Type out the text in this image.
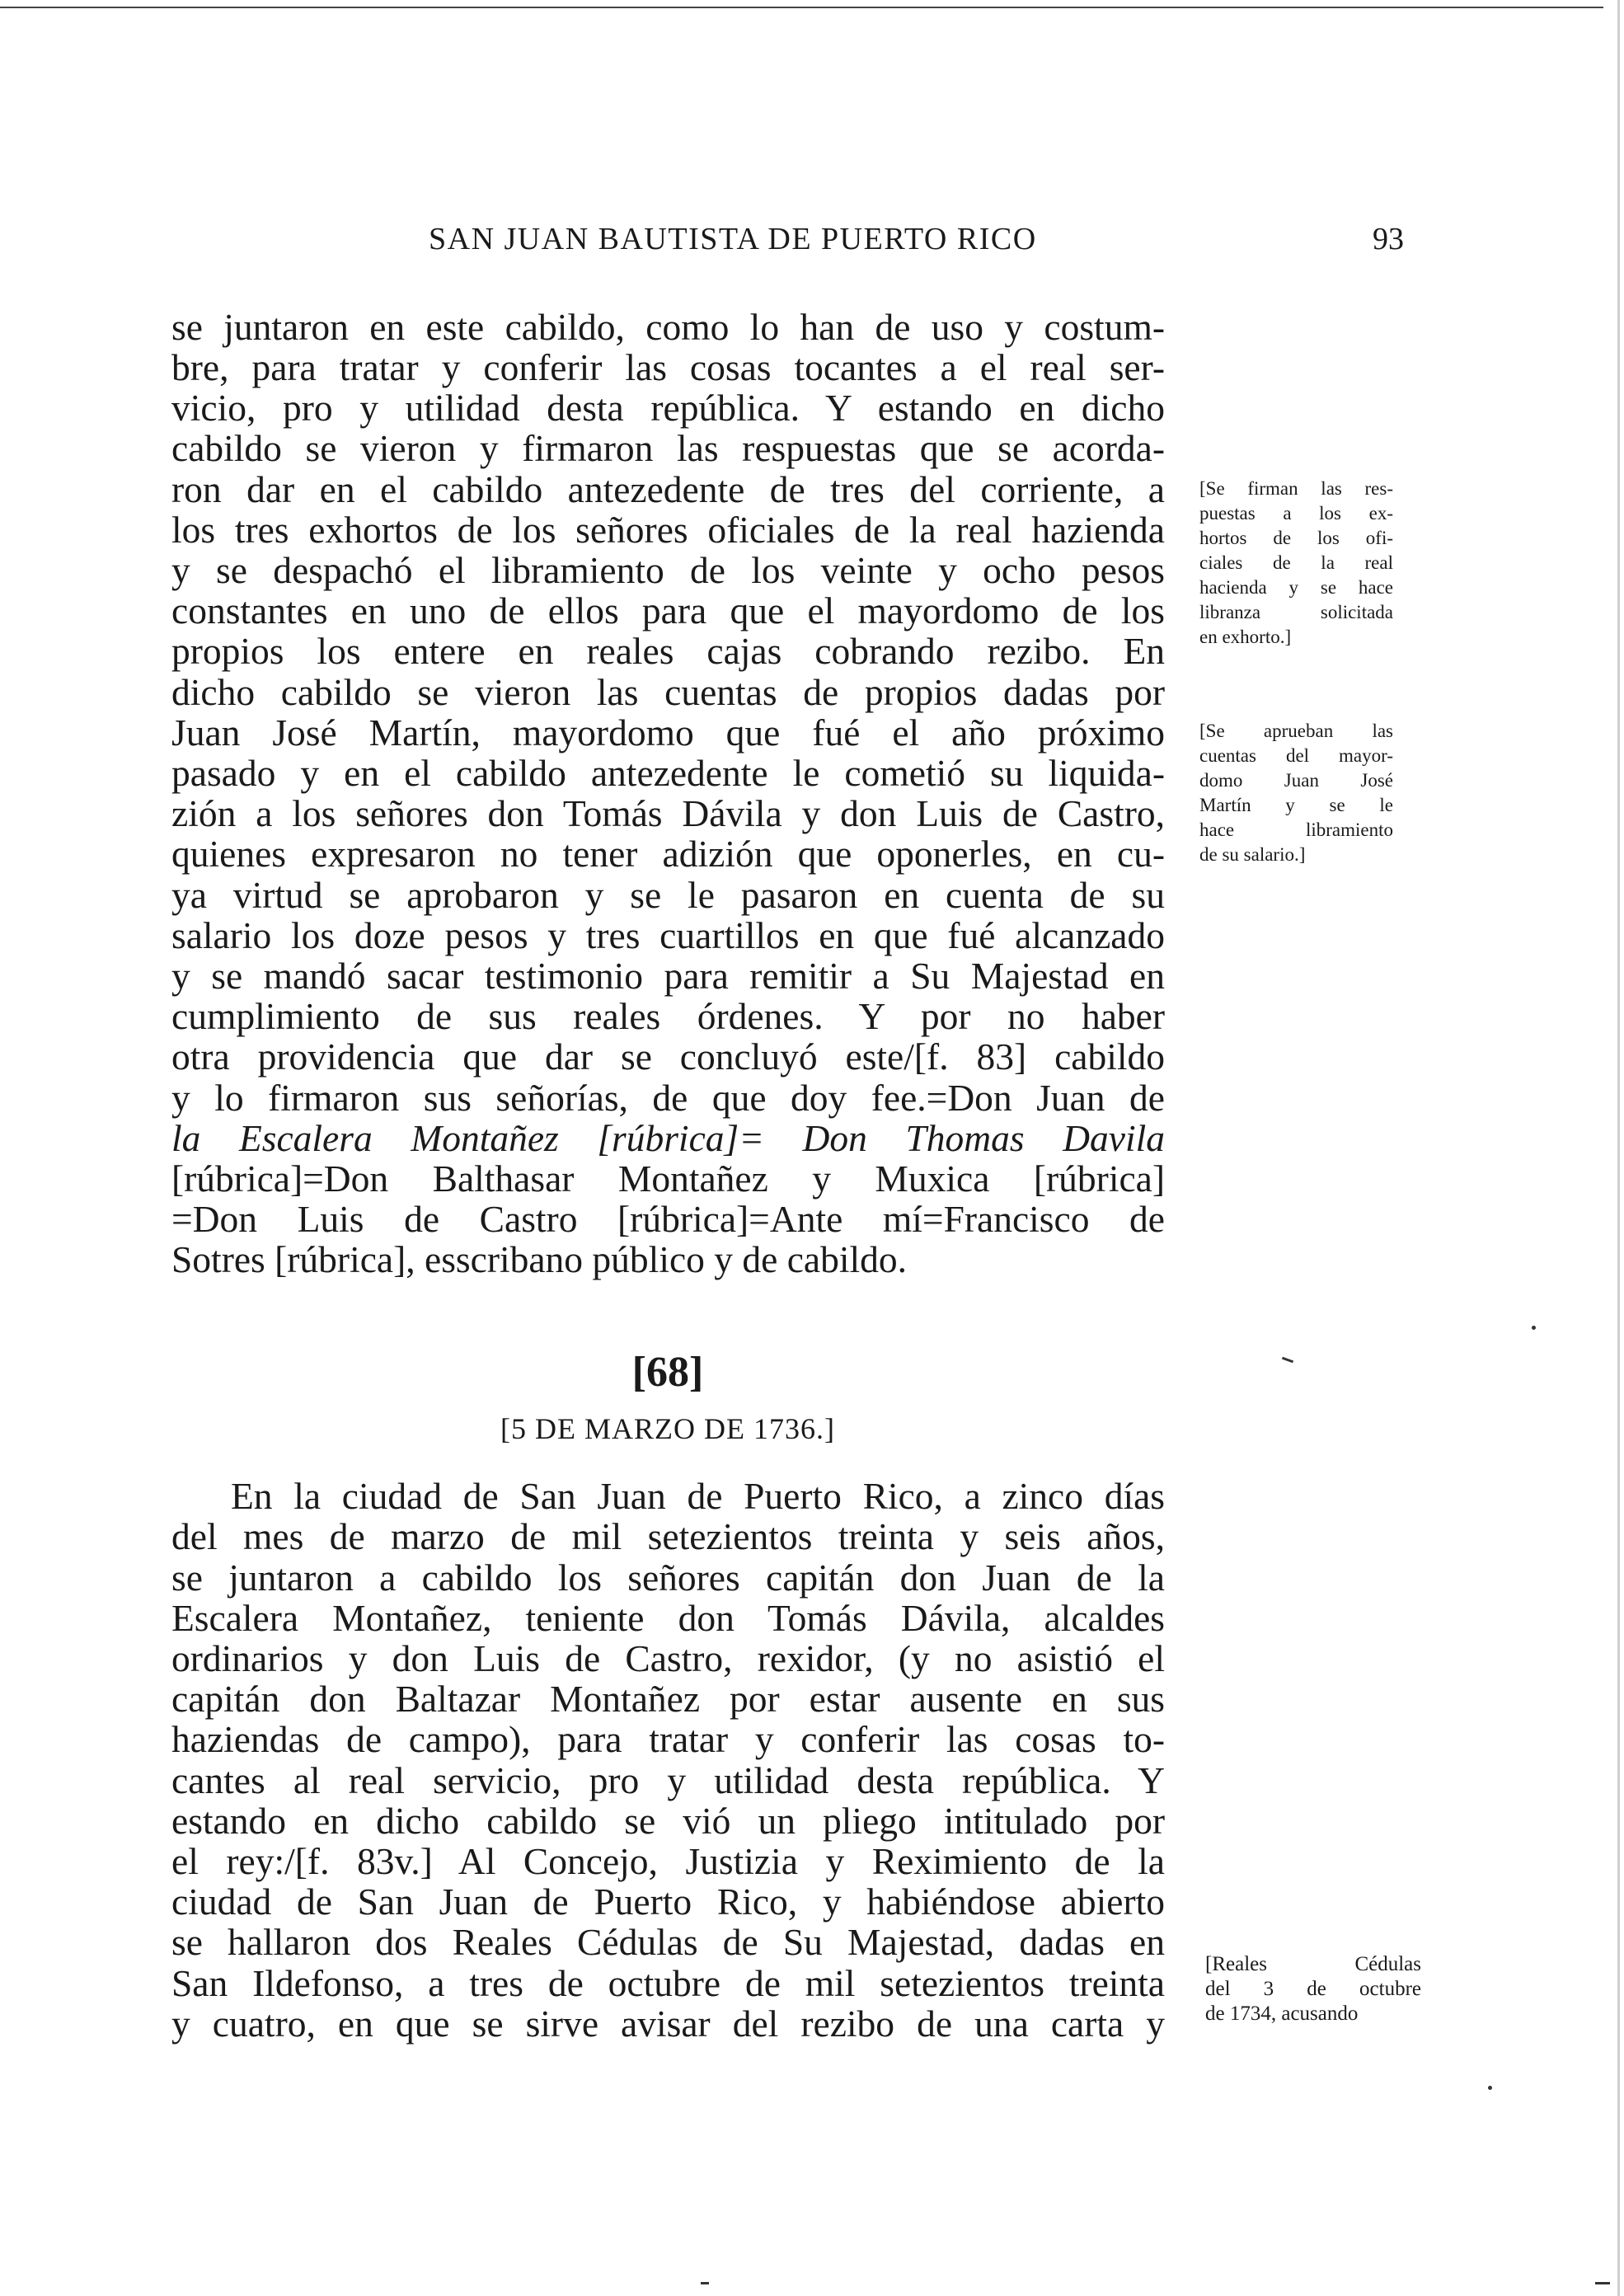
SAN JUAN BAUTISTA DE PUERTO RICO	93
se juntaron en este cabildo, como lo han de uso y costum-
bre, para tratar y conferir las cosas tocantes a el real ser-
vicio, pro y utilidad desta república. Y estando en dicho
cabildo se vieron y firmaron las respuestas que se acorda-
ron dar en el cabildo antezedente de tres del corriente, a
los tres exhortos de los señores oficiales de la real hazienda
y se despachó el libramiento de los veinte y ocho pesos
constantes en uno de ellos para que el mayordomo de los
propios los entere en reales cajas cobrando rezibo. En
dicho cabildo se vieron las cuentas de propios dadas por
Juan José Martín, mayordomo que fué el año próximo
pasado y en el cabildo antezedente le cometió su liquida-
zión a los señores don Tomás Dávila y don Luis de Castro,
quienes expresaron no tener adizión que oponerles, en cu-
ya virtud se aprobaron y se le pasaron en cuenta de su
salario los doze pesos y tres cuartillos en que fué alcanzado
y se mandó sacar testimonio para remitir a Su Majestad en
cumplimiento de sus reales órdenes. Y por no haber
otra providencia que dar se concluyó este/[f. 83] cabildo
y lo firmaron sus señorías, de que doy fee.=Don Juan de
la Escalera Montañez [rúbrica]= Don Thomas Davila
[rúbrica]=Don Balthasar Montañez y Muxica [rúbrica]
=Don Luis de Castro [rúbrica]=Ante mí=Francisco de
Sotres [rúbrica], esscribano público y de cabildo.
[68]
[5 DE MARZO DE 1736.]
En la ciudad de San Juan de Puerto Rico, a zinco días
del mes de marzo de mil setezientos treinta y seis años,
se juntaron a cabildo los señores capitán don Juan de la
Escalera Montañez, teniente don Tomás Dávila, alcaldes
ordinarios y don Luis de Castro, rexidor, (y no asistió el
capitán don Baltazar Montañez por estar ausente en sus
haziendas de campo), para tratar y conferir las cosas to-
cantes al real servicio, pro y utilidad desta república. Y
estando en dicho cabildo se vió un pliego intitulado por
el rey:/[f. 83v.] Al Concejo, Justizia y Reximiento de la
ciudad de San Juan de Puerto Rico, y habiéndose abierto
se hallaron dos Reales Cédulas de Su Majestad, dadas en
San Ildefonso, a tres de octubre de mil setezientos treinta
y cuatro, en que se sirve avisar del rezibo de una carta y
[Se firman las res-
puestas a los ex-
hortos de los ofi-
ciales de la real
hacienda y se hace
libranza solicitada
en exhorto.]
[Se aprueban las
cuentas del mayor-
domo Juan José
Martín y se le
hace libramiento
de su salario.]
[Reales Cédulas
del 3 de octubre
de 1734, acusando
